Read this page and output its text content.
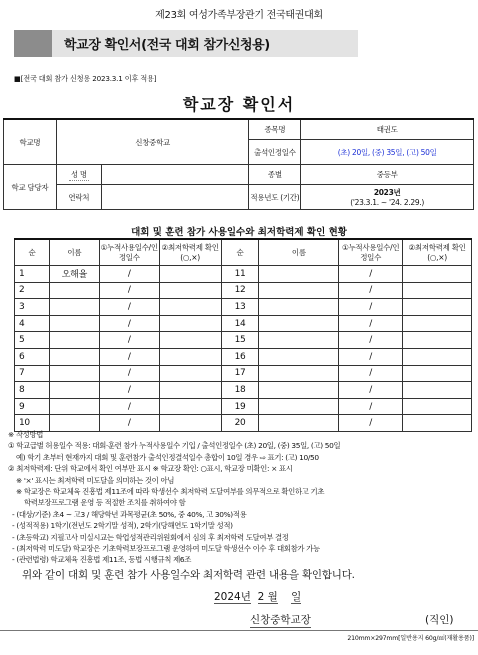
제23회 여성가족부장관기 전국태권대회
학교장 확인서(전국 대회 참가신청용)
■[전국 대회 참가 신청용 2023.3.1 이후 적용]
학교장 확인서
학교명	신창중학교		종목명	태권도
			출석인정일수	(초) 20일, (중) 35일, (고) 50일
학교 담당자	성 명		종별	중등부
	연락처		적용년도 (기간)	2023년
('23.3.1. ~ '24. 2.29.)
대회 및 훈련 참가 사용일수와 최저학력제 확인 현황
순	이름	①누적사용일수/인정일수	②최저학력제 확인(○,×)	순	이름	①누적사용일수/인정일수	②최저학력제 확인(○,×)
1	오해율	/		11		/	
2		/		12		/	
3		/		13		/	
4		/		14		/	
5		/		15		/	
6		/		16		/	
7		/		17		/	
8		/		18		/	
9		/		19		/	
10		/		20		/	
※ 작성방법
① 학교급별 허용일수 적용: 대회·훈련 참가 누적사용일수 기입 / 출석인정일수 (초) 20일, (중) 35일, (고) 50일
예) 학기 초부터 현재까지 대회 및 훈련참가 출석인정결석일수 총합이 10일 경우 ⇨ 표기: (고) 10/50
② 최저학력제: 단위 학교에서 확인 여부만 표시 ※ 학교장 확인: ○표시, 학교장 미확인: × 표시
※ '×' 표시는 최저학력 미도달을 의미하는 것이 아님
※ 학교장은 학교체육 진흥법 제11조에 따라 학생선수 최저학력 도달여부를 의무적으로 확인하고 기초
학력보장프로그램 운영 등 적절한 조치를 취하여야 함
- (대상/기준) 초4 ~ 고3 / 해당학년 과목평균(초 50%, 중 40%, 고 30%)적용
- (성적적용) 1학기(전년도 2학기말 성적), 2학기(당해연도 1학기말 성적)
- (초등학교) 지필고사 미실시교는 학업성적관리위원회에서 심의 후 최저학력 도달여부 결정
- (최저학력 미도달) 학교장은 기초학력보장프로그램 운영하여 미도달 학생선수 이수 후 대회참가 가능
- (관련법령) 학교체육 진흥법 제11조, 동법 시행규칙 제6조
위와 같이 대회 및 훈련 참가 사용일수와 최저학력 관련 내용을 확인합니다.
2024년 2 월 일
신창중학교장	(직인)
210mm×297mm[일반용지 60g/㎡(재활용품)]
